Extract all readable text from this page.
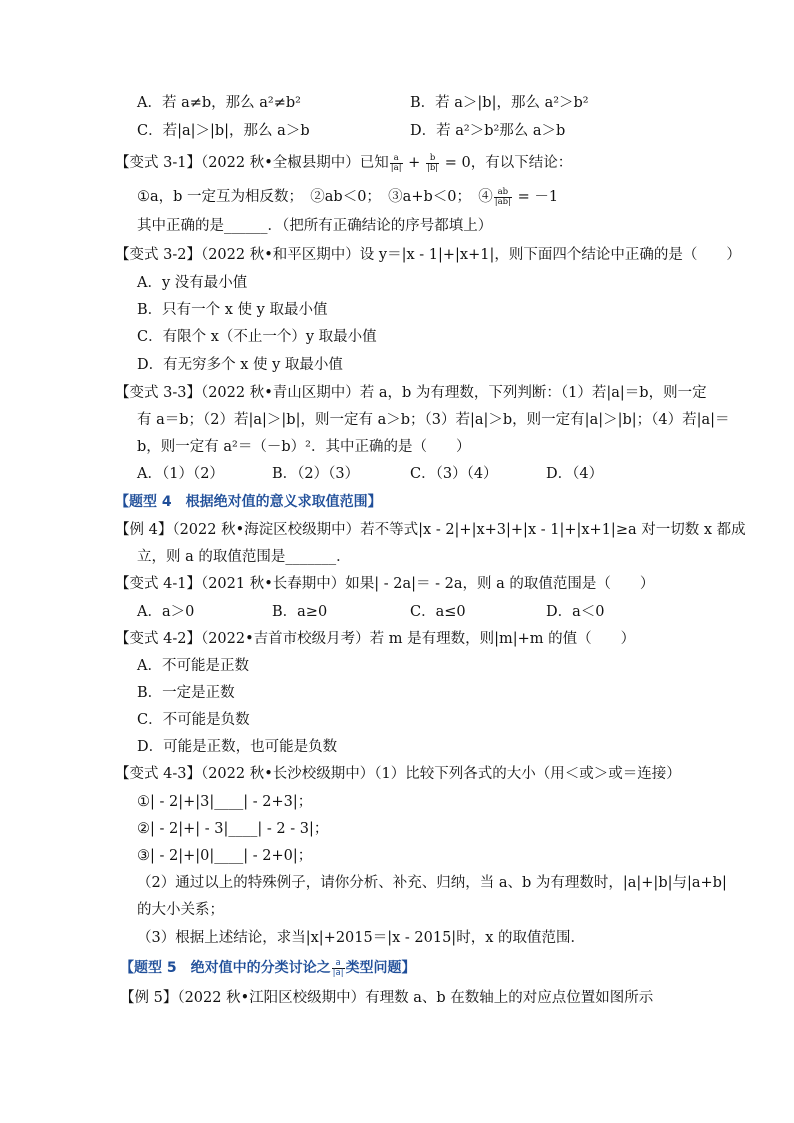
A．若 a≠b，那么 a²≠b²	B．若 a＞|b|，那么 a²＞b²
C．若|a|＞|b|，那么 a＞b	D．若 a²＞b²那么 a＞b
【变式 3-1】（2022 秋•全椒县期中）已知 $\frac{a}{|a|} + \frac{b}{|b|} = 0$，有以下结论：
①a，b 一定互为相反数；　②ab＜0；　③a+b＜0；　④ $\frac{ab}{|ab|} = -1$
其中正确的是______．（把所有正确结论的序号都填上）
【变式 3-2】（2022 秋•和平区期中）设 y＝|x - 1|+|x+1|，则下面四个结论中正确的是（　　）
A．y 没有最小值
B．只有一个 x 使 y 取最小值
C．有限个 x（不止一个）y 取最小值
D．有无穷多个 x 使 y 取最小值
【变式 3-3】（2022 秋•青山区期中）若 a，b 为有理数，下列判断：（1）若|a|＝b，则一定
有 a＝b；（2）若|a|＞|b|，则一定有 a＞b；（3）若|a|＞b，则一定有|a|＞|b|；（4）若|a|＝
b，则一定有 a²＝（－b）²．其中正确的是（　　）
A．（1）（2）	B．（2）（3）	C．（3）（4）	D．（4）
【题型 4　根据绝对值的意义求取值范围】
【例 4】（2022 秋•海淀区校级期中）若不等式|x - 2|+|x+3|+|x - 1|+|x+1|≥a 对一切数 x 都成
立，则 a 的取值范围是_______．
【变式 4-1】（2021 秋•长春期中）如果| - 2a|＝ - 2a，则 a 的取值范围是（　　）
A．a＞0	B．a≥0	C．a≤0	D．a＜0
【变式 4-2】（2022•吉首市校级月考）若 m 是有理数，则|m|+m 的值（　　）
A．不可能是正数
B．一定是正数
C．不可能是负数
D．可能是正数，也可能是负数
【变式 4-3】（2022 秋•长沙校级期中）（1）比较下列各式的大小（用＜或＞或＝连接）
①| - 2|+|3|____| - 2+3|；
②| - 2|+| - 3|____| - 2 - 3|；
③| - 2|+|0|____| - 2+0|；
（2）通过以上的特殊例子，请你分析、补充、归纳，当 a、b 为有理数时，|a|+|b|与|a+b|
的大小关系；
（3）根据上述结论，求当|x|+2015＝|x - 2015|时，x 的取值范围．
【题型 5　绝对值中的分类讨论之 $\frac{a}{|a|}$ 类型问题】
【例 5】（2022 秋•江阳区校级期中）有理数 a、b 在数轴上的对应点位置如图所示
